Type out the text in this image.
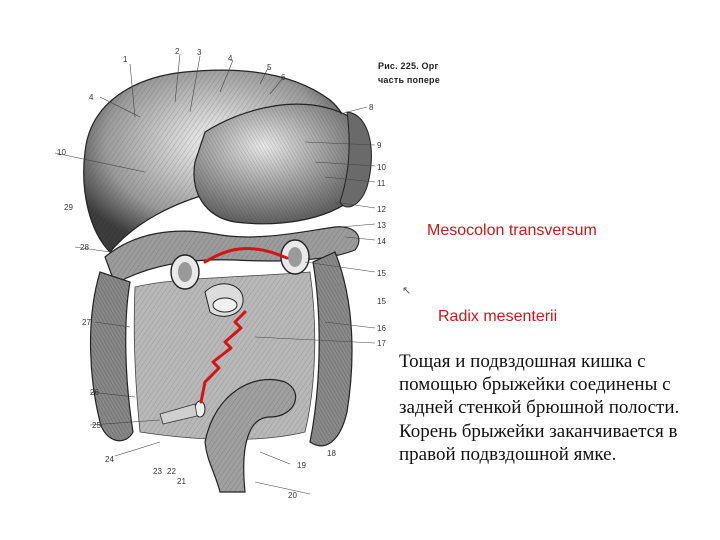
1
2 3
4
4
5
6
8
9
10
10
11
12
13
14
15
15
16
17
18
19
20
21
22
23
24
25
26
27
28
29
Рис. 225. Орг
часть попере
Mesocolon transversum
Radix mesenterii
↖
Тощая и подвздошная кишка с помощью брыжейки соединены с задней стенкой брюшной полости. Корень брыжейки заканчивается в правой подвздошной ямке.
